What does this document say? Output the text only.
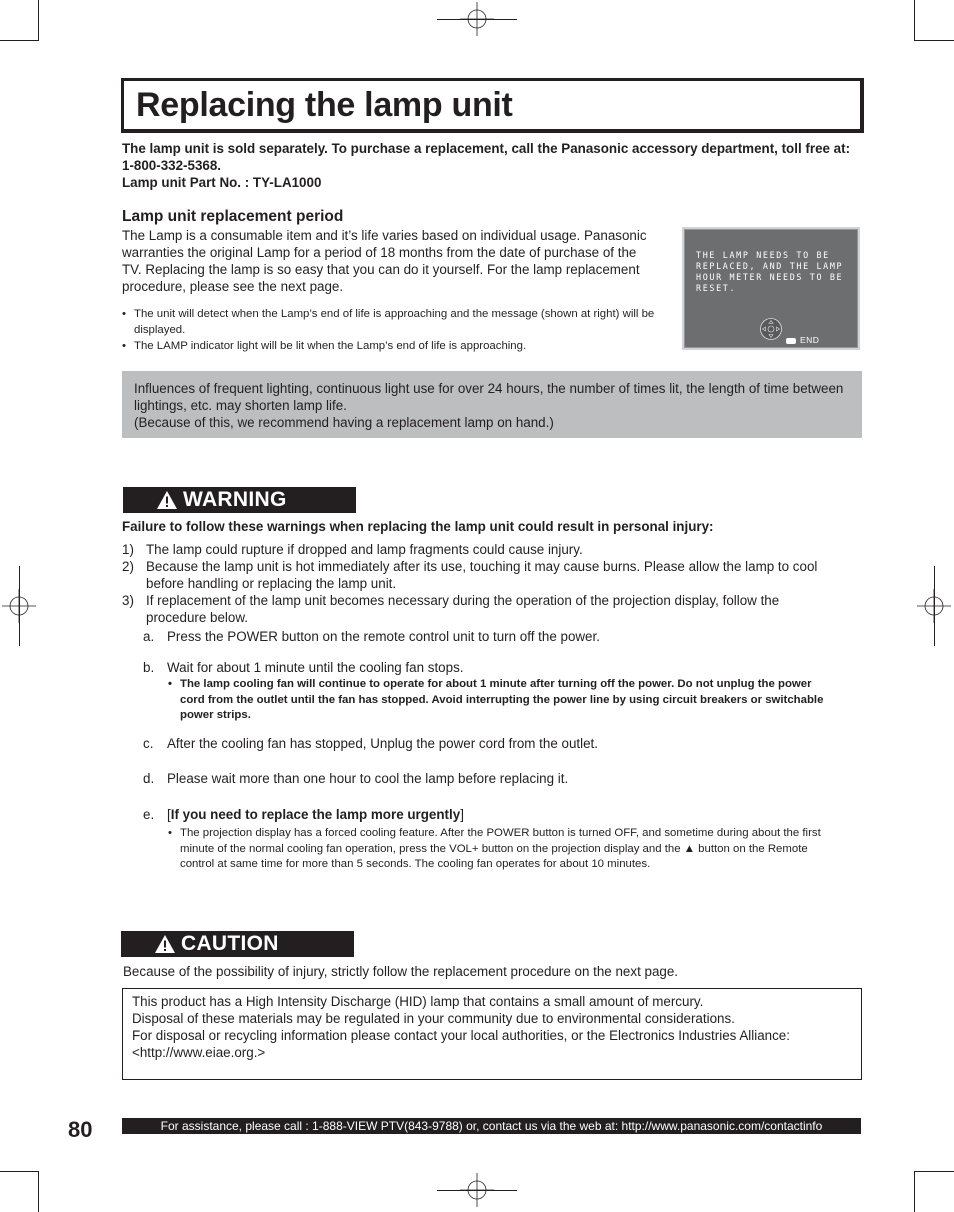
Replacing the lamp unit
The lamp unit is sold separately. To purchase a replacement, call the Panasonic accessory department, toll free at: 1-800-332-5368.
Lamp unit Part No. : TY-LA1000
Lamp unit replacement period
The Lamp is a consumable item and it’s life varies based on individual usage. Panasonic warranties the original Lamp for a period of 18 months from the date of purchase of the TV. Replacing the lamp is so easy that you can do it yourself. For the lamp replacement procedure, please see the next page.
• The unit will detect when the Lamp’s end of life is approaching and the message (shown at right) will be displayed.
• The LAMP indicator light will be lit when the Lamp’s end of life is approaching.
THE LAMP NEEDS TO BE REPLACED, AND THE LAMP HOUR METER NEEDS TO BE RESET.
END
Influences of frequent lighting, continuous light use for over 24 hours, the number of times lit, the length of time between lightings, etc. may shorten lamp life.
(Because of this, we recommend having a replacement lamp on hand.)
WARNING
Failure to follow these warnings when replacing the lamp unit could result in personal injury:
1) The lamp could rupture if dropped and lamp fragments could cause injury.
2) Because the lamp unit is hot immediately after its use, touching it may cause burns. Please allow the lamp to cool before handling or replacing the lamp unit.
3) If replacement of the lamp unit becomes necessary during the operation of the projection display, follow the procedure below.
a. Press the POWER button on the remote control unit to turn off the power.
b. Wait for about 1 minute until the cooling fan stops.
• The lamp cooling fan will continue to operate for about 1 minute after turning off the power. Do not unplug the power cord from the outlet until the fan has stopped. Avoid interrupting the power line by using circuit breakers or switchable power strips.
c. After the cooling fan has stopped, Unplug the power cord from the outlet.
d. Please wait more than one hour to cool the lamp before replacing it.
e. [If you need to replace the lamp more urgently]
• The projection display has a forced cooling feature. After the POWER button is turned OFF, and sometime during about the first minute of the normal cooling fan operation, press the VOL+ button on the projection display and the ▲ button on the Remote control at same time for more than 5 seconds. The cooling fan operates for about 10 minutes.
CAUTION
Because of the possibility of injury, strictly follow the replacement procedure on the next page.
This product has a High Intensity Discharge (HID) lamp that contains a small amount of mercury.
Disposal of these materials may be regulated in your community due to environmental considerations.
For disposal or recycling information please contact your local authorities, or the Electronics Industries Alliance:
<http://www.eiae.org.>
80	For assistance, please call : 1-888-VIEW PTV(843-9788) or, contact us via the web at: http://www.panasonic.com/contactinfo
